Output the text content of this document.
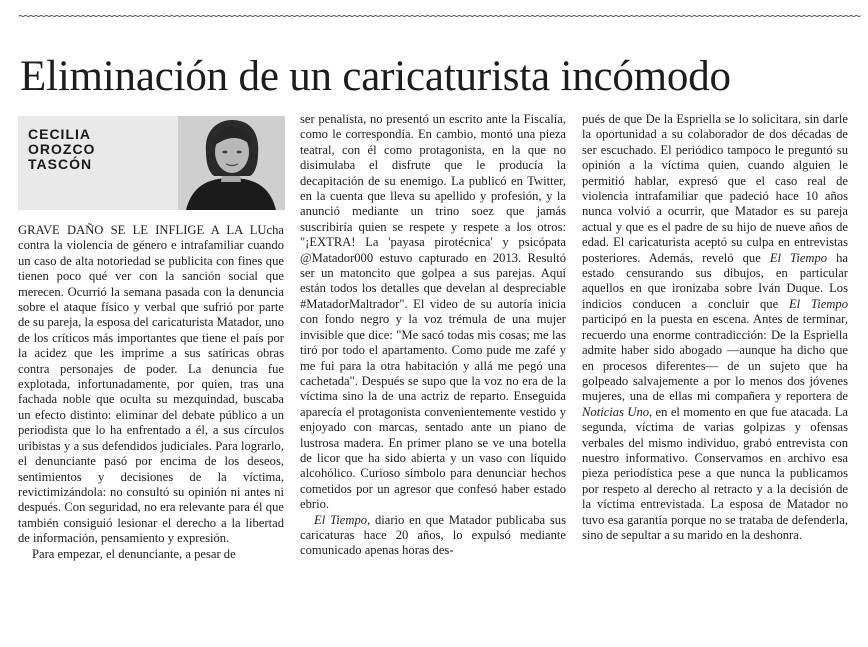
~~~~~~~~~~~~~~~~~~~~~~~~~~~~~~~~~~~~~~~~~~~~~~~~~~~~~~~~~~~~~~~~~~~~~~~~~~~~~~~~~~~~~~~~~~~~~~~~~~~~~~~~~~~~~~~~~~~~~~~~~~~~~~~~~~~~~~~~~~~~~~~~~~~~~~~~~~~~~~~~~
Eliminación de un caricaturista incómodo
CECILIA
OROZCO
TASCÓN

GRAVE DAÑO SE LE INFLIGE A LA LUcha contra la violencia de género e intrafamiliar cuando un caso de alta notoriedad se publicita con fines que tienen poco qué ver con la sanción social que merecen. Ocurrió la semana pasada con la denuncia sobre el ataque físico y verbal que sufrió por parte de su pareja, la esposa del caricaturista Matador, uno de los críticos más importantes que tiene el país por la acidez que les imprime a sus satíricas obras contra personajes de poder. La denuncia fue explotada, infortunadamente, por quien, tras una fachada noble que oculta su mezquindad, buscaba un efecto distinto: eliminar del debate público a un periodista que lo ha enfrentado a él, a sus círculos uribistas y a sus defendidos judiciales. Para lograrlo, el denunciante pasó por encima de los deseos, sentimientos y decisiones de la víctima, revictimizándola: no consultó su opinión ni antes ni después. Con seguridad, no era relevante para él que también consiguió lesionar el derecho a la libertad de información, pensamiento y expresión.

Para empezar, el denunciante, a pesar de

ser penalista, no presentó un escrito ante la Fiscalía, como le correspondía. En cambio, montó una pieza teatral, con él como protagonista, en la que no disimulaba el disfrute que le producía la decapitación de su enemigo. La publicó en Twitter, en la cuenta que lleva su apellido y profesión, y la anunció mediante un trino soez que jamás suscribiría quien se respete y respete a los otros: "¡EXTRA! La 'payasa pirotécnica' y psicópata @Matador000 estuvo capturado en 2013. Resultó ser un matoncito que golpea a sus parejas. Aquí están todos los detalles que develan al despreciable #MatadorMaltrador". El video de su autoría inicia con fondo negro y la voz trémula de una mujer invisible que dice: "Me sacó todas mis cosas; me las tiró por todo el apartamento. Como pude me zafé y me fui para la otra habitación y allá me pegó una cachetada". Después se supo que la voz no era de la víctima sino la de una actriz de reparto. Enseguida aparecía el protagonista convenientemente vestido y enjoyado con marcas, sentado ante un piano de lustrosa madera. En primer plano se ve una botella de licor que ha sido abierta y un vaso con líquido alcohólico. Curioso símbolo para denunciar hechos cometidos por un agresor que confesó haber estado ebrio.

El Tiempo, diario en que Matador publicaba sus caricaturas hace 20 años, lo expulsó mediante comunicado apenas horas des-

pués de que De la Espriella se lo solicitara, sin darle la oportunidad a su colaborador de dos décadas de ser escuchado. El periódico tampoco le preguntó su opinión a la víctima quien, cuando alguien le permitió hablar, expresó que el caso real de violencia intrafamiliar que padeció hace 10 años nunca volvió a ocurrir, que Matador es su pareja actual y que es el padre de su hijo de nueve años de edad. El caricaturista aceptó su culpa en entrevistas posteriores. Además, reveló que El Tiempo ha estado censurando sus dibujos, en particular aquellos en que ironizaba sobre Iván Duque. Los indicios conducen a concluir que El Tiempo participó en la puesta en escena. Antes de terminar, recuerdo una enorme contradicción: De la Espriella admite haber sido abogado —aunque ha dicho que en procesos diferentes— de un sujeto que ha golpeado salvajemente a por lo menos dos jóvenes mujeres, una de ellas mi compañera y reportera de Noticias Uno, en el momento en que fue atacada. La segunda, víctima de varias golpizas y ofensas verbales del mismo individuo, grabó entrevista con nuestro informativo. Conservamos en archivo esa pieza periodística pese a que nunca la publicamos por respeto al derecho al retracto y a la decisión de la víctima entrevistada. La esposa de Matador no tuvo esa garantía porque no se trataba de defenderla, sino de sepultar a su marido en la deshonra.
